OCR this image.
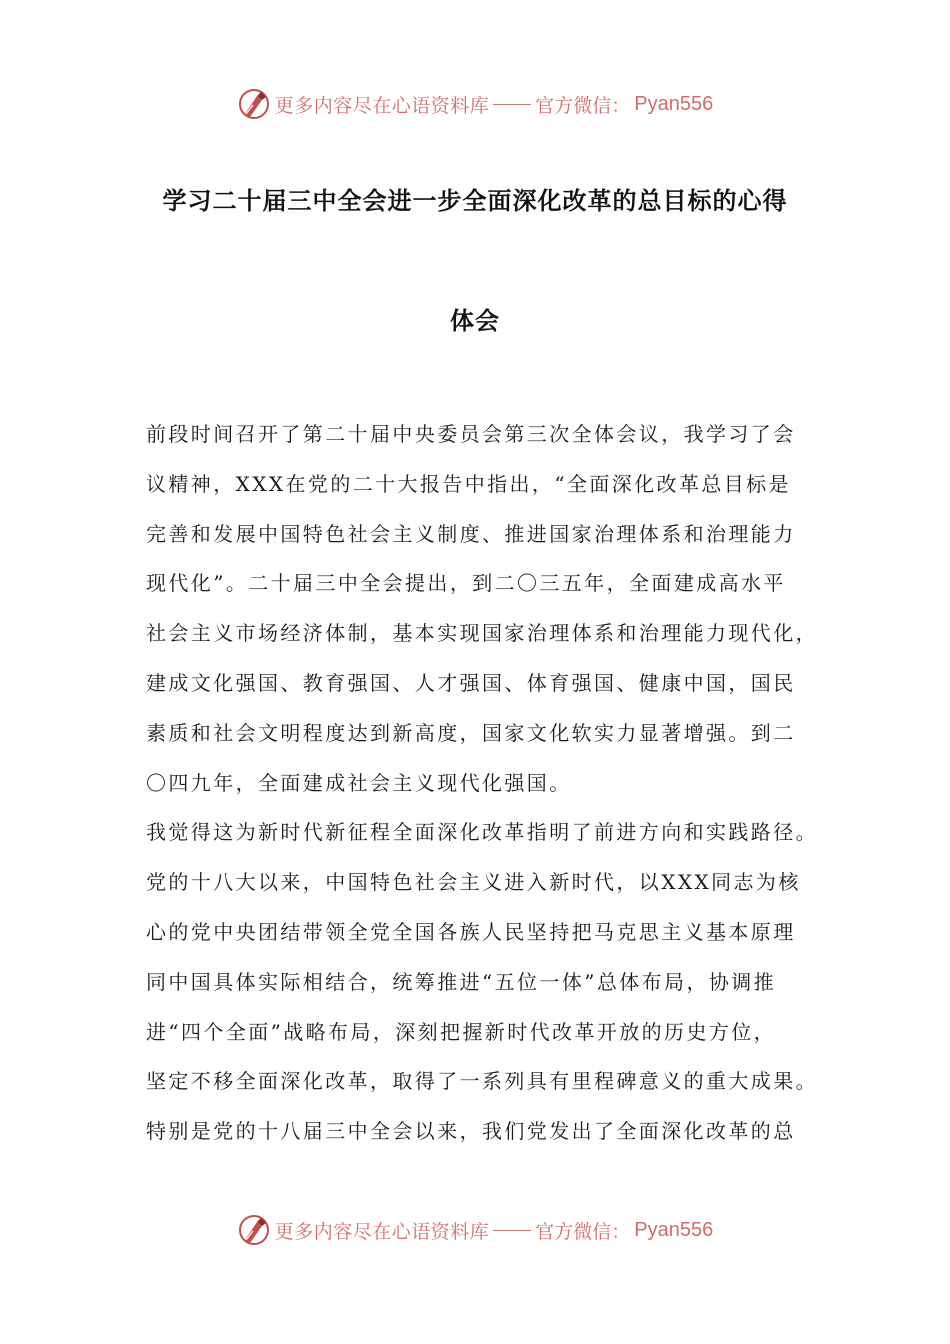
更多内容尽在心语资料库 官方微信： Pyan556
学习二十届三中全会进一步全面深化改革的总目标的心得
体会
前段时间召开了第二十届中央委员会第三次全体会议，我学习了会
议精神，XXX在党的二十大报告中指出，“全面深化改革总目标是
完善和发展中国特色社会主义制度、推进国家治理体系和治理能力
现代化”。二十届三中全会提出，到二〇三五年，全面建成高水平
社会主义市场经济体制，基本实现国家治理体系和治理能力现代化，
建成文化强国、教育强国、人才强国、体育强国、健康中国，国民
素质和社会文明程度达到新高度，国家文化软实力显著增强。到二
〇四九年，全面建成社会主义现代化强国。
我觉得这为新时代新征程全面深化改革指明了前进方向和实践路径。
党的十八大以来，中国特色社会主义进入新时代，以XXX同志为核
心的党中央团结带领全党全国各族人民坚持把马克思主义基本原理
同中国具体实际相结合，统筹推进“五位一体”总体布局，协调推
进“四个全面”战略布局，深刻把握新时代改革开放的历史方位，
坚定不移全面深化改革，取得了一系列具有里程碑意义的重大成果。
特别是党的十八届三中全会以来，我们党发出了全面深化改革的总
更多内容尽在心语资料库 官方微信： Pyan556
